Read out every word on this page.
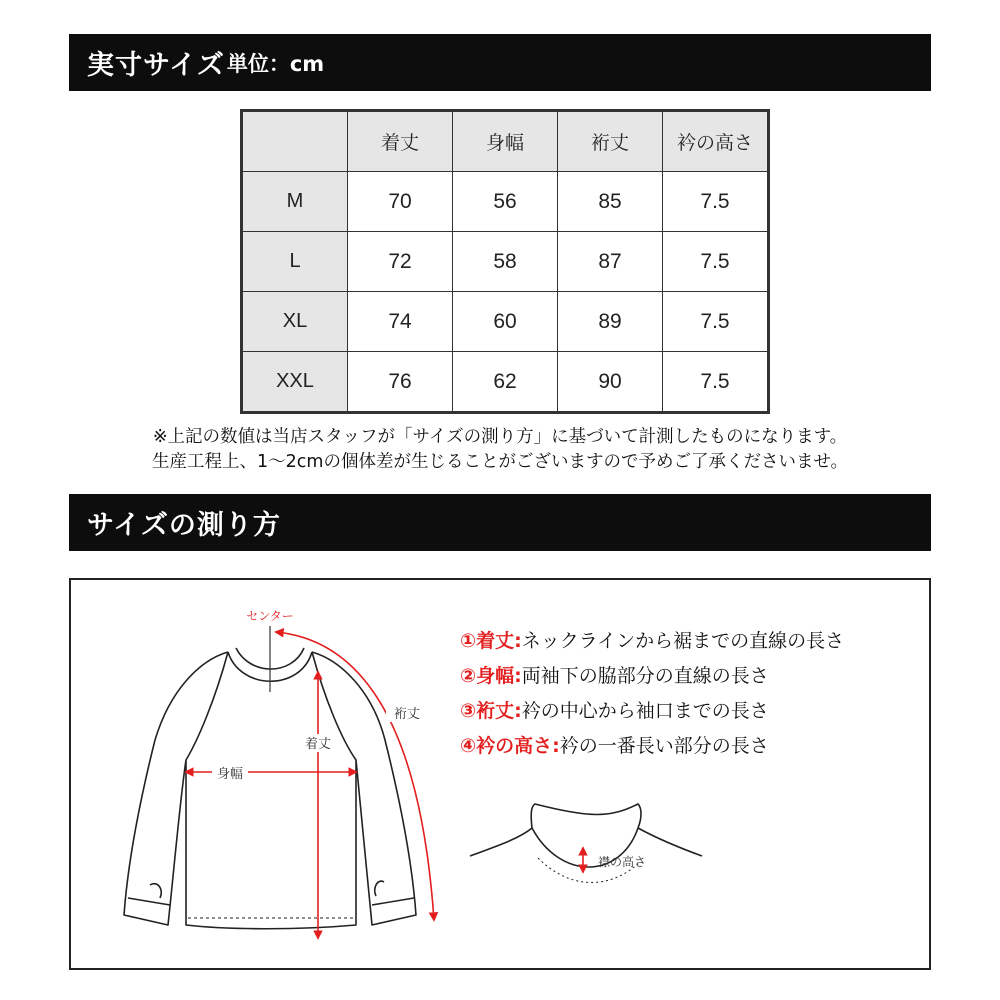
実寸サイズ 単位：cm
	着丈	身幅	裄丈	衿の高さ
M	70	56	85	7.5
L	72	58	87	7.5
XL	74	60	89	7.5
XXL	76	62	90	7.5
※上記の数値は当店スタッフが「サイズの測り方」に基づいて計測したものになります。
生産工程上、1〜2cmの個体差が生じることがございますので予めご了承くださいませ。
サイズの測り方
センター
裄丈
着丈
身幅
襟の高さ
①着丈:ネックラインから裾までの直線の長さ
②身幅:両袖下の脇部分の直線の長さ
③裄丈:衿の中心から袖口までの長さ
④衿の高さ:衿の一番長い部分の長さ
